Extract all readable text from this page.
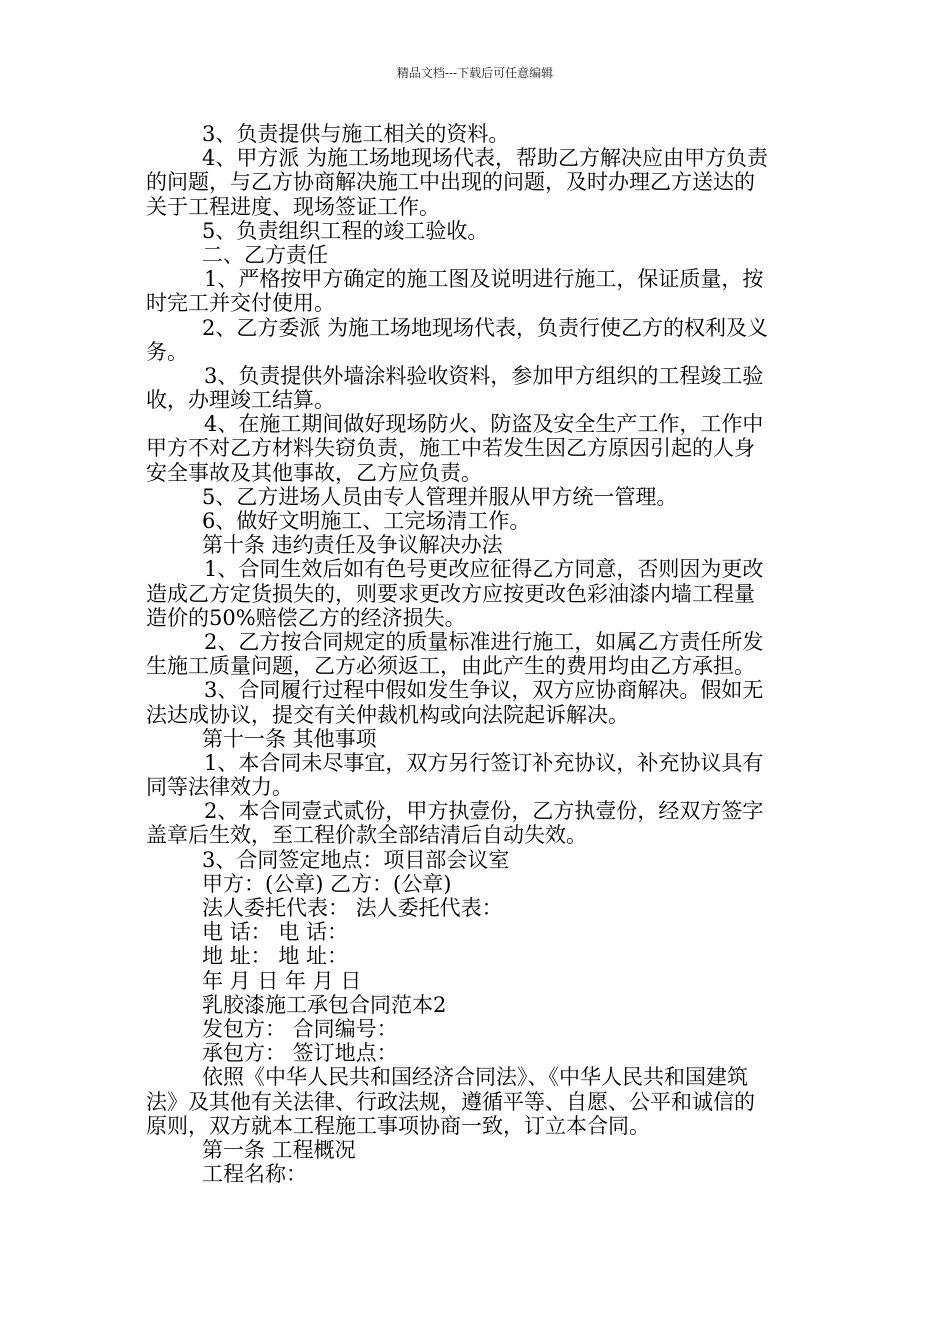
精品文档---下载后可任意编辑
3、负责提供与施工相关的资料。
4、甲方派 为施工场地现场代表，帮助乙方解决应由甲方负责
的问题，与乙方协商解决施工中出现的问题，及时办理乙方送达的
关于工程进度、现场签证工作。
5、负责组织工程的竣工验收。
二、乙方责任
1、严格按甲方确定的施工图及说明进行施工，保证质量，按
时完工并交付使用。
2、乙方委派 为施工场地现场代表，负责行使乙方的权利及义
务。
3、负责提供外墙涂料验收资料，参加甲方组织的工程竣工验
收，办理竣工结算。
4、在施工期间做好现场防火、防盗及安全生产工作，工作中
甲方不对乙方材料失窃负责，施工中若发生因乙方原因引起的人身
安全事故及其他事故，乙方应负责。
5、乙方进场人员由专人管理并服从甲方统一管理。
6、做好文明施工、工完场清工作。
第十条 违约责任及争议解决办法
1、合同生效后如有色号更改应征得乙方同意，否则因为更改
造成乙方定货损失的，则要求更改方应按更改色彩油漆内墙工程量
造价的50%赔偿乙方的经济损失。
2、乙方按合同规定的质量标准进行施工，如属乙方责任所发
生施工质量问题，乙方必须返工，由此产生的费用均由乙方承担。
3、合同履行过程中假如发生争议，双方应协商解决。假如无
法达成协议，提交有关仲裁机构或向法院起诉解决。
第十一条 其他事项
1、本合同未尽事宜，双方另行签订补充协议，补充协议具有
同等法律效力。
2、本合同壹式贰份，甲方执壹份，乙方执壹份，经双方签字
盖章后生效，至工程价款全部结清后自动失效。
3、合同签定地点：项目部会议室
甲方：(公章) 乙方：(公章)
法人委托代表： 法人委托代表：
电 话： 电 话：
地 址： 地 址：
年 月 日 年 月 日
乳胶漆施工承包合同范本2
发包方： 合同编号：
承包方： 签订地点：
依照《中华人民共和国经济合同法》、《中华人民共和国建筑
法》及其他有关法律、行政法规，遵循平等、自愿、公平和诚信的
原则，双方就本工程施工事项协商一致，订立本合同。
第一条 工程概况
工程名称：
